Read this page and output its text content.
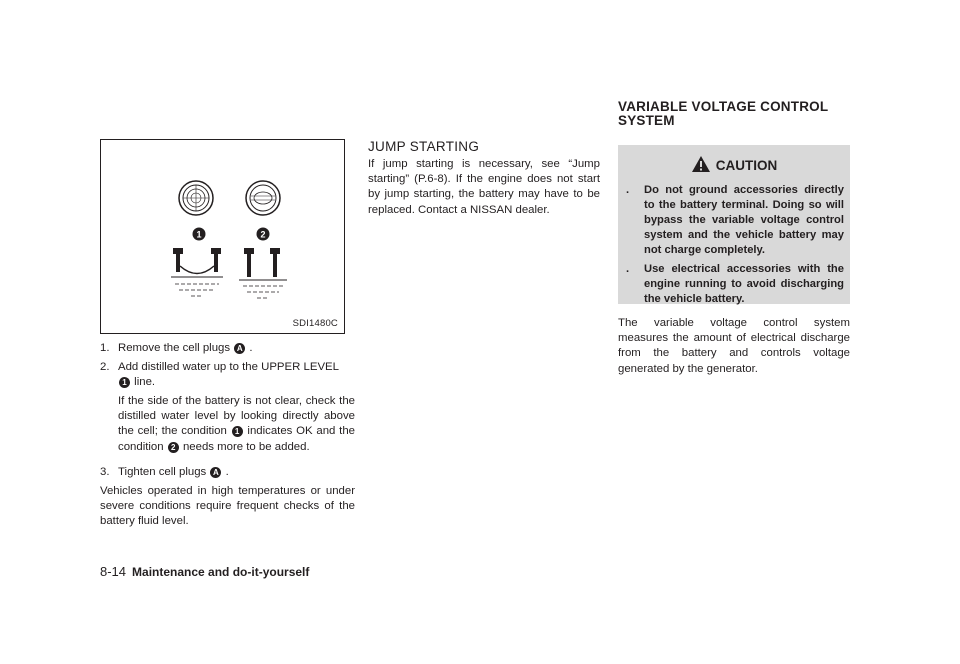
1	2
SDI1480C
1. Remove the cell plugs A .
2. Add distilled water up to the UPPER LEVEL
1 line.
If the side of the battery is not clear, check the distilled water level by looking directly above the cell; the condition 1 indicates OK and the condition 2 needs more to be added.
3. Tighten cell plugs A .
Vehicles operated in high temperatures or under severe conditions require frequent checks of the battery fluid level.
JUMP STARTING
If jump starting is necessary, see “Jump starting” (P.6-8). If the engine does not start by jump starting, the battery may have to be replaced. Contact a NISSAN dealer.
VARIABLE VOLTAGE CONTROL
SYSTEM
CAUTION
. Do not ground accessories directly to the battery terminal. Doing so will bypass the variable voltage control system and the vehicle battery may not charge completely.
. Use electrical accessories with the engine running to avoid discharging the vehicle battery.
The variable voltage control system measures the amount of electrical discharge from the battery and controls voltage generated by the generator.
8-14 Maintenance and do-it-yourself
